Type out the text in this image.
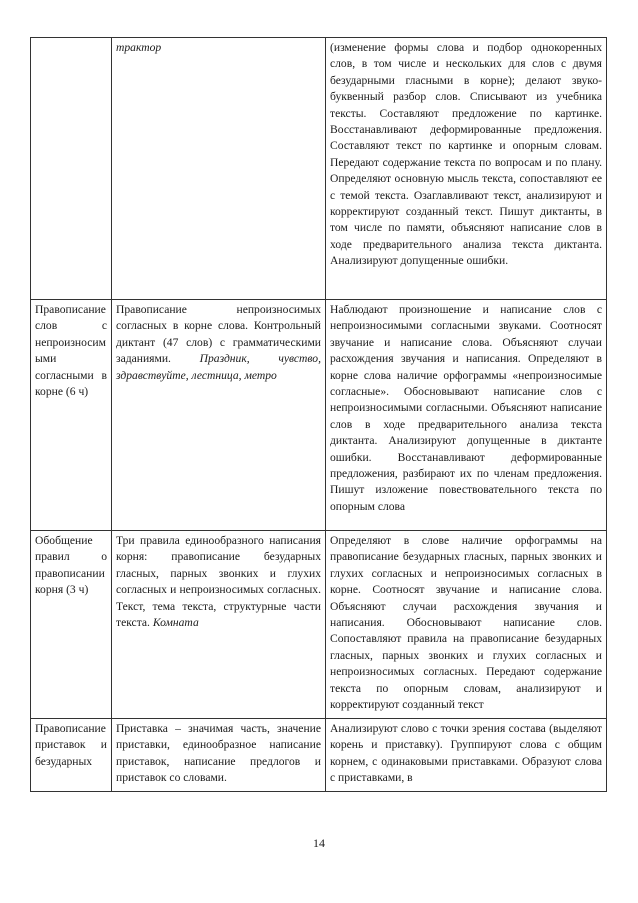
	трактор	(изменение формы слова и подбор однокоренных слов, в том числе и нескольких для слов с двумя безударными гласными в корне); делают звуко-буквенный разбор слов. Списывают из учебника тексты. Составляют предложение по картинке. Восстанавливают деформированные предложения. Составляют текст по картинке и опорным словам. Передают содержание текста по вопросам и по плану. Определяют основную мысль текста, сопоставляют ее с темой текста. Озаглавливают текст, анализируют и корректируют созданный текст. Пишут диктанты, в том числе по памяти, объясняют написание слов в ходе предварительного анализа текста диктанта. Анализируют допущенные ошибки.
Правописание слов с непроизносимыми согласными в корне (6 ч)	Правописание непроизносимых согласных в корне слова. Контрольный диктант (47 слов) с грамматическими заданиями. Праздник, чувство, здравствуйте, лестница, метро	Наблюдают произношение и написание слов с непроизносимыми согласными звуками. Соотносят звучание и написание слова. Объясняют случаи расхождения звучания и написания. Определяют в корне слова наличие орфограммы «непроизносимые согласные». Обосновывают написание слов с непроизносимыми согласными. Объясняют написание слов в ходе предварительного анализа текста диктанта. Анализируют допущенные в диктанте ошибки. Восстанавливают деформированные предложения, разбирают их по членам предложения. Пишут изложение повествовательного текста по опорным слова
Обобщение правил о правописании корня (3 ч)	Три правила единообразного написания корня: правописание безударных гласных, парных звонких и глухих согласных и непроизносимых согласных. Текст, тема текста, структурные части текста. Комната	Определяют в слове наличие орфограммы на правописание безударных гласных, парных звонких и глухих согласных и непроизносимых согласных в корне. Соотносят звучание и написание слова. Объясняют случаи расхождения звучания и написания. Обосновывают написание слов. Сопоставляют правила на правописание безударных гласных, парных звонких и глухих согласных и непроизносимых согласных. Передают содержание текста по опорным словам, анализируют и корректируют созданный текст
Правописание приставок и безударных	Приставка – значимая часть, значение приставки, единообразное написание приставок, написание предлогов и приставок со словами.	Анализируют слово с точки зрения состава (выделяют корень и приставку). Группируют слова с общим корнем, с одинаковыми приставками. Образуют слова с приставками, в
14
